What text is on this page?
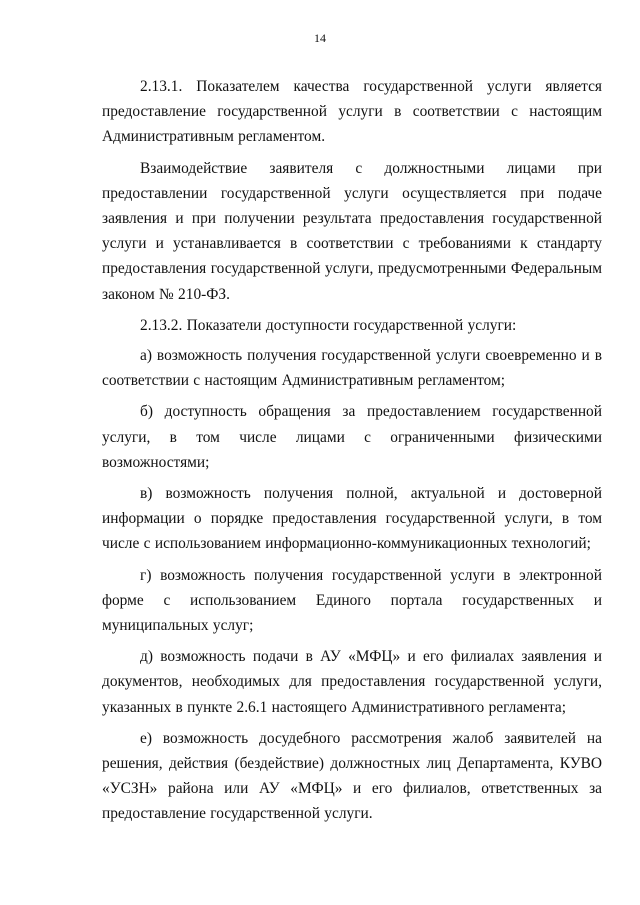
14

2.13.1. Показателем качества государственной услуги является предоставление государственной услуги в соответствии с настоящим Административным регламентом.

Взаимодействие заявителя с должностными лицами при предоставлении государственной услуги осуществляется при подаче заявления и при получении результата предоставления государственной услуги и устанавливается в соответствии с требованиями к стандарту предоставления государственной услуги, предусмотренными Федеральным законом № 210-ФЗ.

2.13.2. Показатели доступности государственной услуги:

а) возможность получения государственной услуги своевременно и в соответствии с настоящим Административным регламентом;

б) доступность обращения за предоставлением государственной услуги, в том числе лицами с ограниченными физическими возможностями;

в) возможность получения полной, актуальной и достоверной информации о порядке предоставления государственной услуги, в том числе с использованием информационно-коммуникационных технологий;

г) возможность получения государственной услуги в электронной форме с использованием Единого портала государственных и муниципальных услуг;

д) возможность подачи в АУ «МФЦ» и его филиалах заявления и документов, необходимых для предоставления государственной услуги, указанных в пункте 2.6.1 настоящего Административного регламента;

е) возможность досудебного рассмотрения жалоб заявителей на решения, действия (бездействие) должностных лиц Департамента, КУВО «УСЗН» района или АУ «МФЦ» и его филиалов, ответственных за предоставление государственной услуги.
